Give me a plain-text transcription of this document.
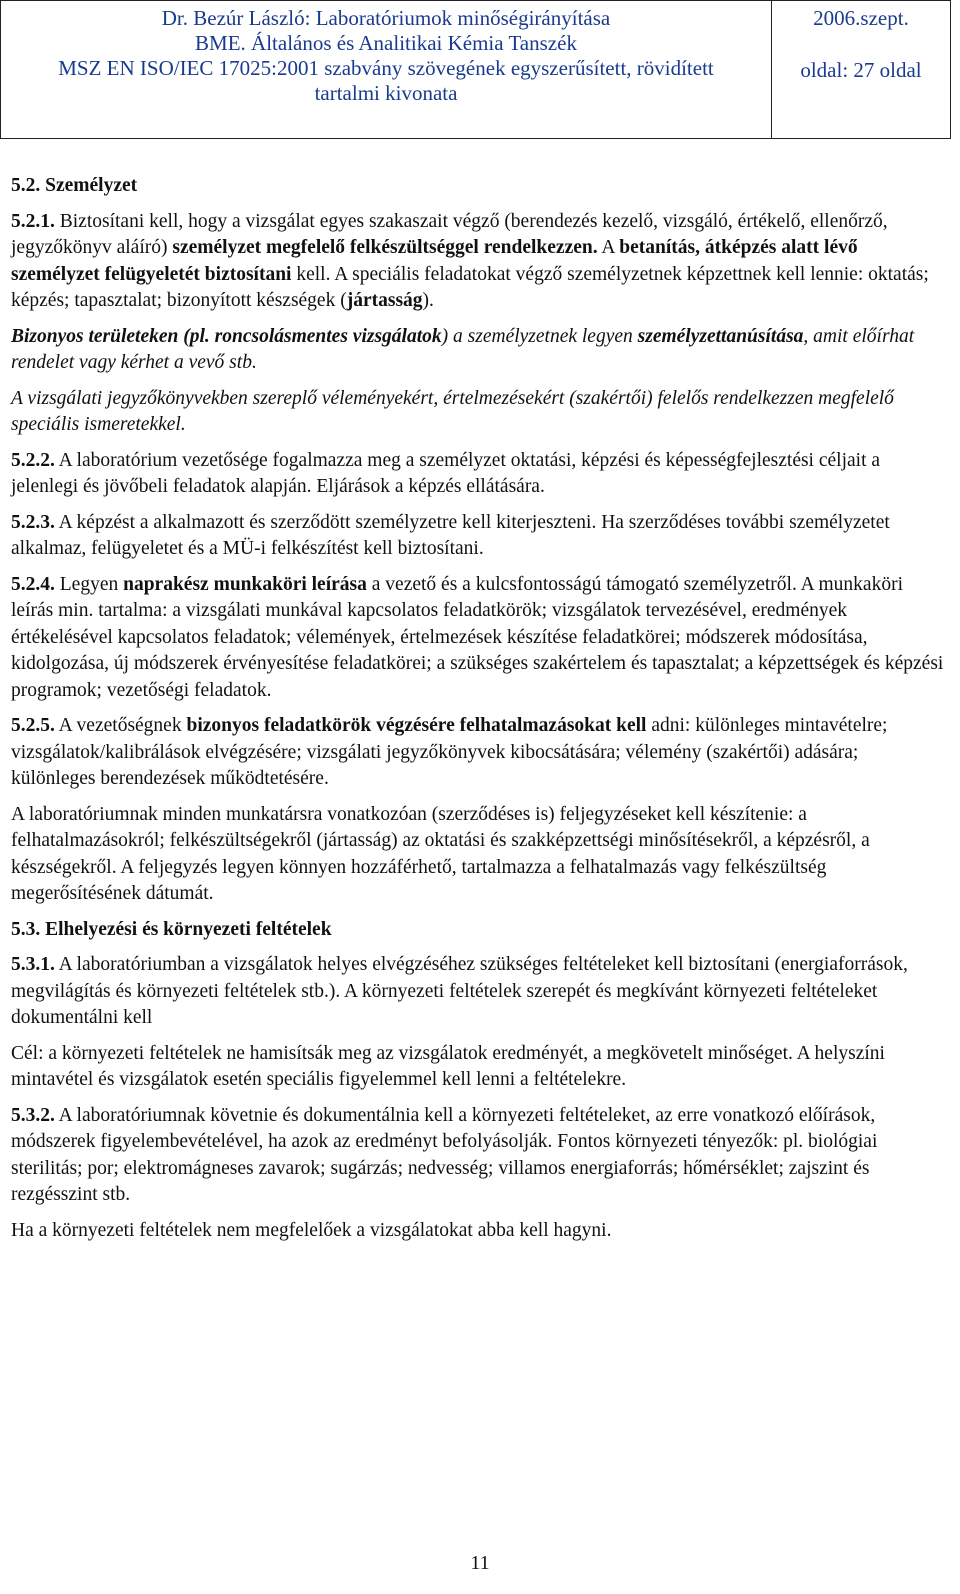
Dr. Bezúr László: Laboratóriumok minőségirányítása
BME. Általános és Analitikai Kémia Tanszék
MSZ EN ISO/IEC 17025:2001 szabvány szövegének egyszerűsített, rövidített
tartalmi kivonata
2006.szept.
oldal: 27 oldal

5.2. Személyzet

5.2.1. Biztosítani kell, hogy a vizsgálat egyes szakaszait végző (berendezés kezelő, vizsgáló, értékelő, ellenőrző, jegyzőkönyv aláíró) személyzet megfelelő felkészültséggel rendelkezzen. A betanítás, átképzés alatt lévő személyzet felügyeletét biztosítani kell. A speciális feladatokat végző személyzetnek képzettnek kell lennie: oktatás; képzés; tapasztalat; bizonyított készségek (jártasság).

Bizonyos területeken (pl. roncsolásmentes vizsgálatok) a személyzetnek legyen személyzettanúsítása, amit előírhat rendelet vagy kérhet a vevő stb.

A vizsgálati jegyzőkönyvekben szereplő véleményekért, értelmezésekért (szakértői) felelős rendelkezzen megfelelő speciális ismeretekkel.

5.2.2. A laboratórium vezetősége fogalmazza meg a személyzet oktatási, képzési és képességfejlesztési céljait a jelenlegi és jövőbeli feladatok alapján. Eljárások a képzés ellátására.

5.2.3. A képzést a alkalmazott és szerződött személyzetre kell kiterjeszteni. Ha szerződéses további személyzetet alkalmaz, felügyeletet és a MÜ-i felkészítést kell biztosítani.

5.2.4. Legyen naprakész munkaköri leírása a vezető és a kulcsfontosságú támogató személyzetről. A munkaköri leírás min. tartalma: a vizsgálati munkával kapcsolatos feladatkörök; vizsgálatok tervezésével, eredmények értékelésével kapcsolatos feladatok; vélemények, értelmezések készítése feladatkörei; módszerek módosítása, kidolgozása, új módszerek érvényesítése feladatkörei; a szükséges szakértelem és tapasztalat; a képzettségek és képzési programok; vezetőségi feladatok.

5.2.5. A vezetőségnek bizonyos feladatkörök végzésére felhatalmazásokat kell adni: különleges mintavételre; vizsgálatok/kalibrálások elvégzésére; vizsgálati jegyzőkönyvek kibocsátására; vélemény (szakértői) adására; különleges berendezések működtetésére.

A laboratóriumnak minden munkatársra vonatkozóan (szerződéses is) feljegyzéseket kell készítenie: a felhatalmazásokról; felkészültségekről (jártasság) az oktatási és szakképzettségi minősítésekről, a képzésről, a készségekről. A feljegyzés legyen könnyen hozzáférhető, tartalmazza a felhatalmazás vagy felkészültség megerősítésének dátumát.

5.3. Elhelyezési és környezeti feltételek

5.3.1. A laboratóriumban a vizsgálatok helyes elvégzéséhez szükséges feltételeket kell biztosítani (energiaforrások, megvilágítás és környezeti feltételek stb.). A környezeti feltételek szerepét és megkívánt környezeti feltételeket dokumentálni kell

Cél: a környezeti feltételek ne hamisítsák meg az vizsgálatok eredményét, a megkövetelt minőséget. A helyszíni mintavétel és vizsgálatok esetén speciális figyelemmel kell lenni a feltételekre.

5.3.2. A laboratóriumnak követnie és dokumentálnia kell a környezeti feltételeket, az erre vonatkozó előírások, módszerek figyelembevételével, ha azok az eredményt befolyásolják. Fontos környezeti tényezők: pl. biológiai sterilitás; por; elektromágneses zavarok; sugárzás; nedvesség; villamos energiaforrás; hőmérséklet; zajszint és rezgésszint stb.

Ha a környezeti feltételek nem megfelelőek a vizsgálatokat abba kell hagyni.

11
